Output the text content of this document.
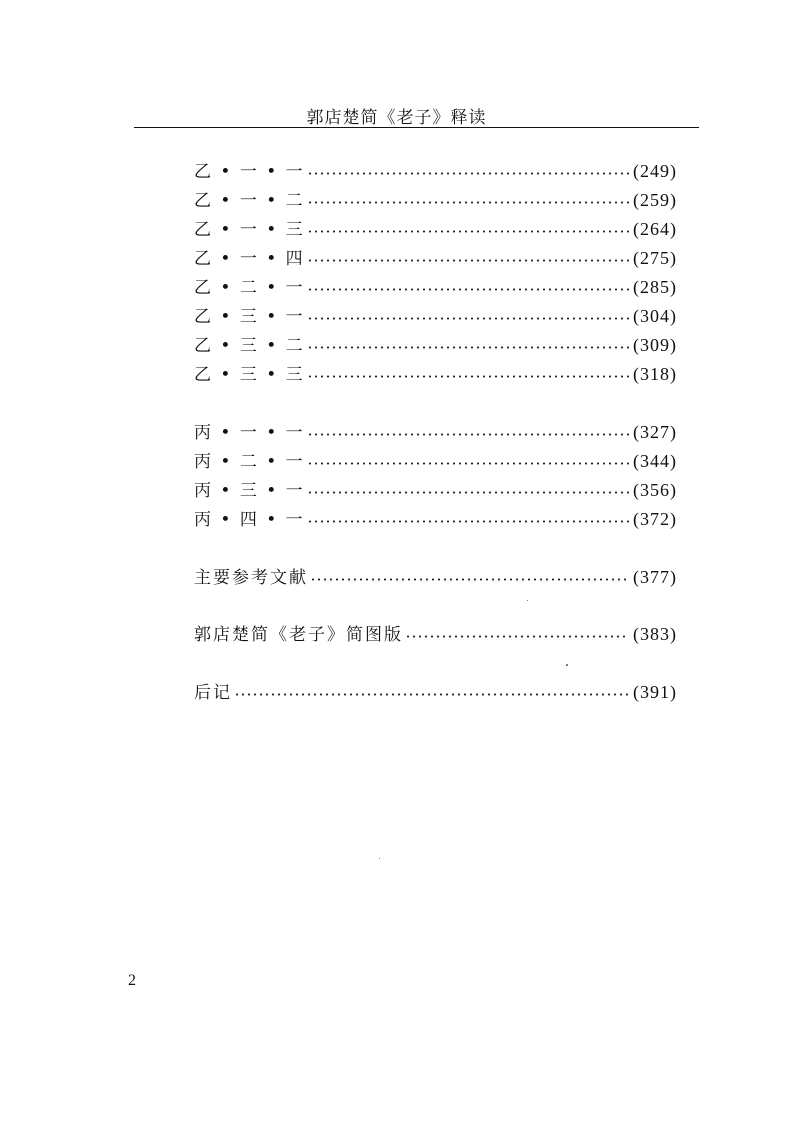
郭店楚简《老子》释读
乙 • 一 • 一	(249)
乙 • 一 • 二	(259)
乙 • 一 • 三	(264)
乙 • 一 • 四	(275)
乙 • 二 • 一	(285)
乙 • 三 • 一	(304)
乙 • 三 • 二	(309)
乙 • 三 • 三	(318)
丙 • 一 • 一	(327)
丙 • 二 • 一	(344)
丙 • 三 • 一	(356)
丙 • 四 • 一	(372)
主要参考文献	(377)
郭店楚简《老子》简图版	(383)
后记	(391)
2
